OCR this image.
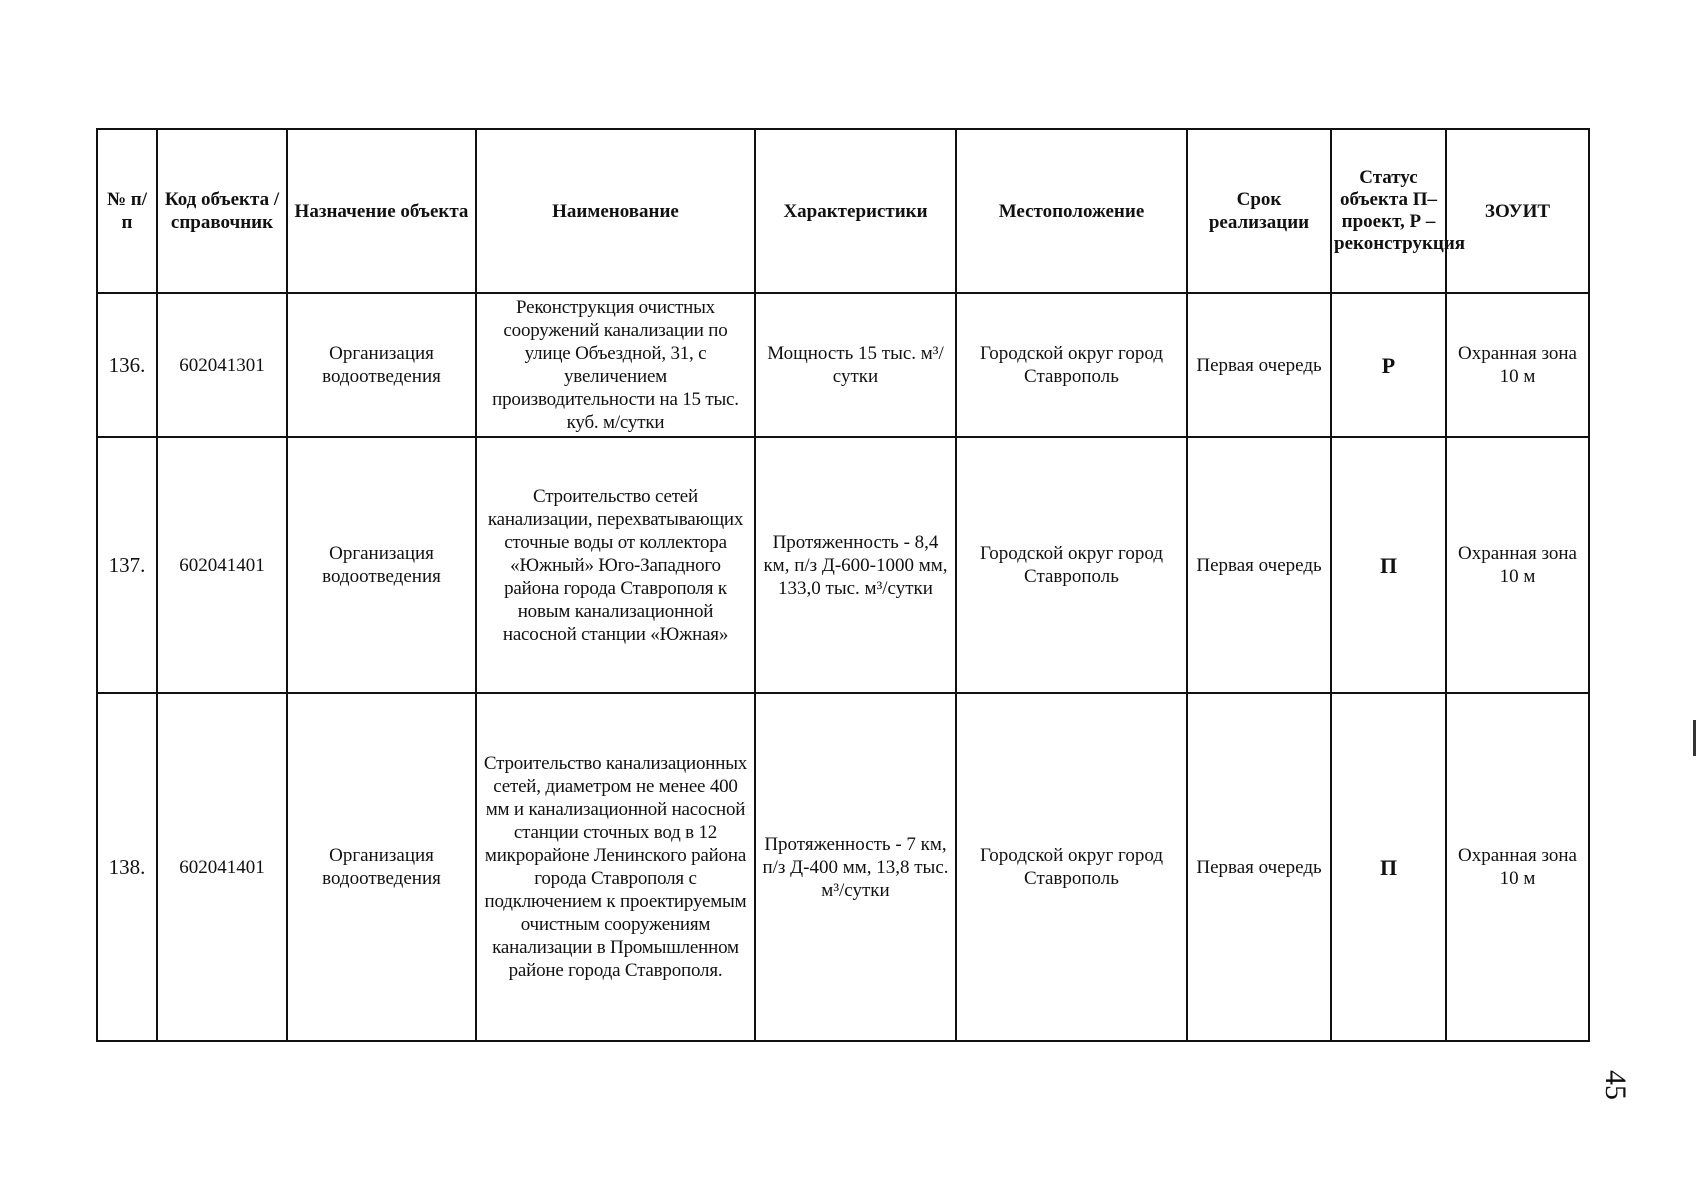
№ п/п	Код объекта / справочник	Назначение объекта	Наименование	Характеристики	Местоположение	Срок реализации	Статус объекта П– проект, Р – реконструкция	ЗОУИТ
136.	602041301	Организация водоотведения	Реконструкция очистных сооружений канализации по улице Объездной, 31, с увеличением производительности на 15 тыс. куб. м/сутки	Мощность 15 тыс. м³/сутки	Городской округ город Ставрополь	Первая очередь	Р	Охранная зона 10 м
137.	602041401	Организация водоотведения	Строительство сетей канализации, перехватывающих сточные воды от коллектора «Южный» Юго-Западного района города Ставрополя к новым канализационной насосной станции «Южная»	Протяженность - 8,4 км, п/з Д-600-1000 мм, 133,0 тыс. м³/сутки	Городской округ город Ставрополь	Первая очередь	П	Охранная зона 10 м
138.	602041401	Организация водоотведения	Строительство канализационных сетей, диаметром не менее 400 мм и канализационной насосной станции сточных вод в 12 микрорайоне Ленинского района города Ставрополя с подключением к проектируемым очистным сооружениям канализации в Промышленном районе города Ставрополя.	Протяженность - 7 км, п/з Д-400 мм, 13,8 тыс. м³/сутки	Городской округ город Ставрополь	Первая очередь	П	Охранная зона 10 м
45
